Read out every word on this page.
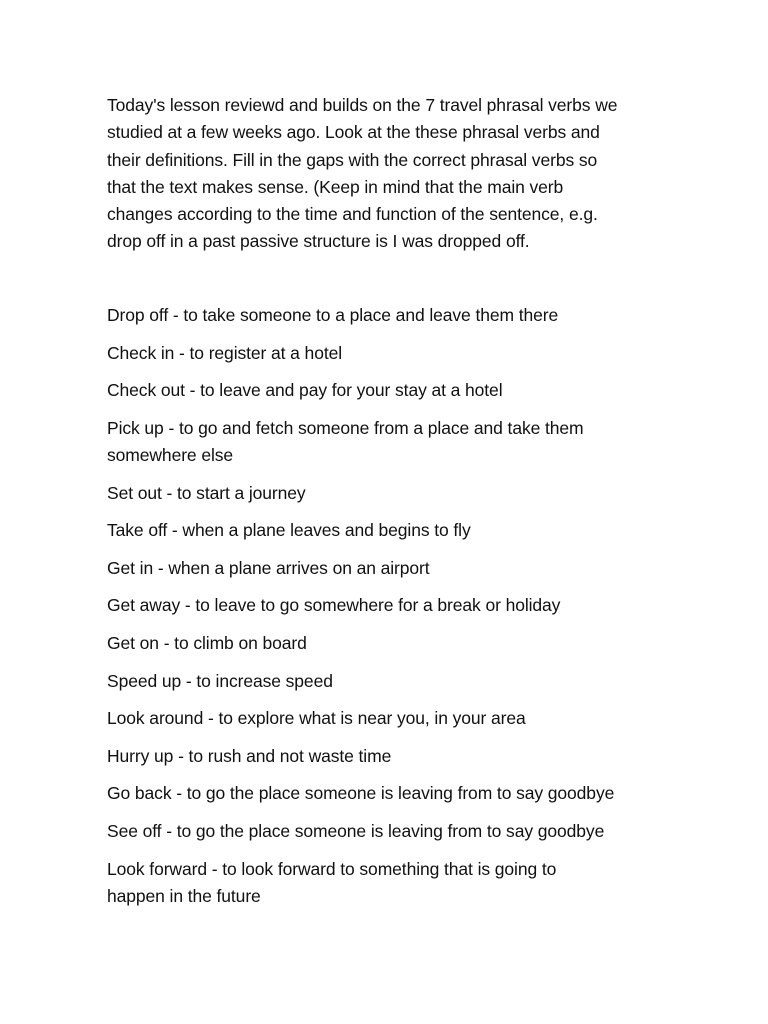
Today's lesson reviewd and builds on the 7 travel phrasal verbs we
studied at a few weeks ago. Look at the these phrasal verbs and
their definitions. Fill in the gaps with the correct phrasal verbs so
that the text makes sense. (Keep in mind that the main verb
changes according to the time and function of the sentence, e.g.
drop off in a past passive structure is I was dropped off.

Drop off - to take someone to a place and leave them there
Check in - to register at a hotel
Check out - to leave and pay for your stay at a hotel
Pick up - to go and fetch someone from a place and take them
somewhere else
Set out - to start a journey
Take off - when a plane leaves and begins to fly
Get in - when a plane arrives on an airport
Get away - to leave to go somewhere for a break or holiday
Get on - to climb on board
Speed up - to increase speed
Look around - to explore what is near you, in your area
Hurry up - to rush and not waste time
Go back - to go the place someone is leaving from to say goodbye
See off - to go the place someone is leaving from to say goodbye
Look forward - to look forward to something that is going to
happen in the future
